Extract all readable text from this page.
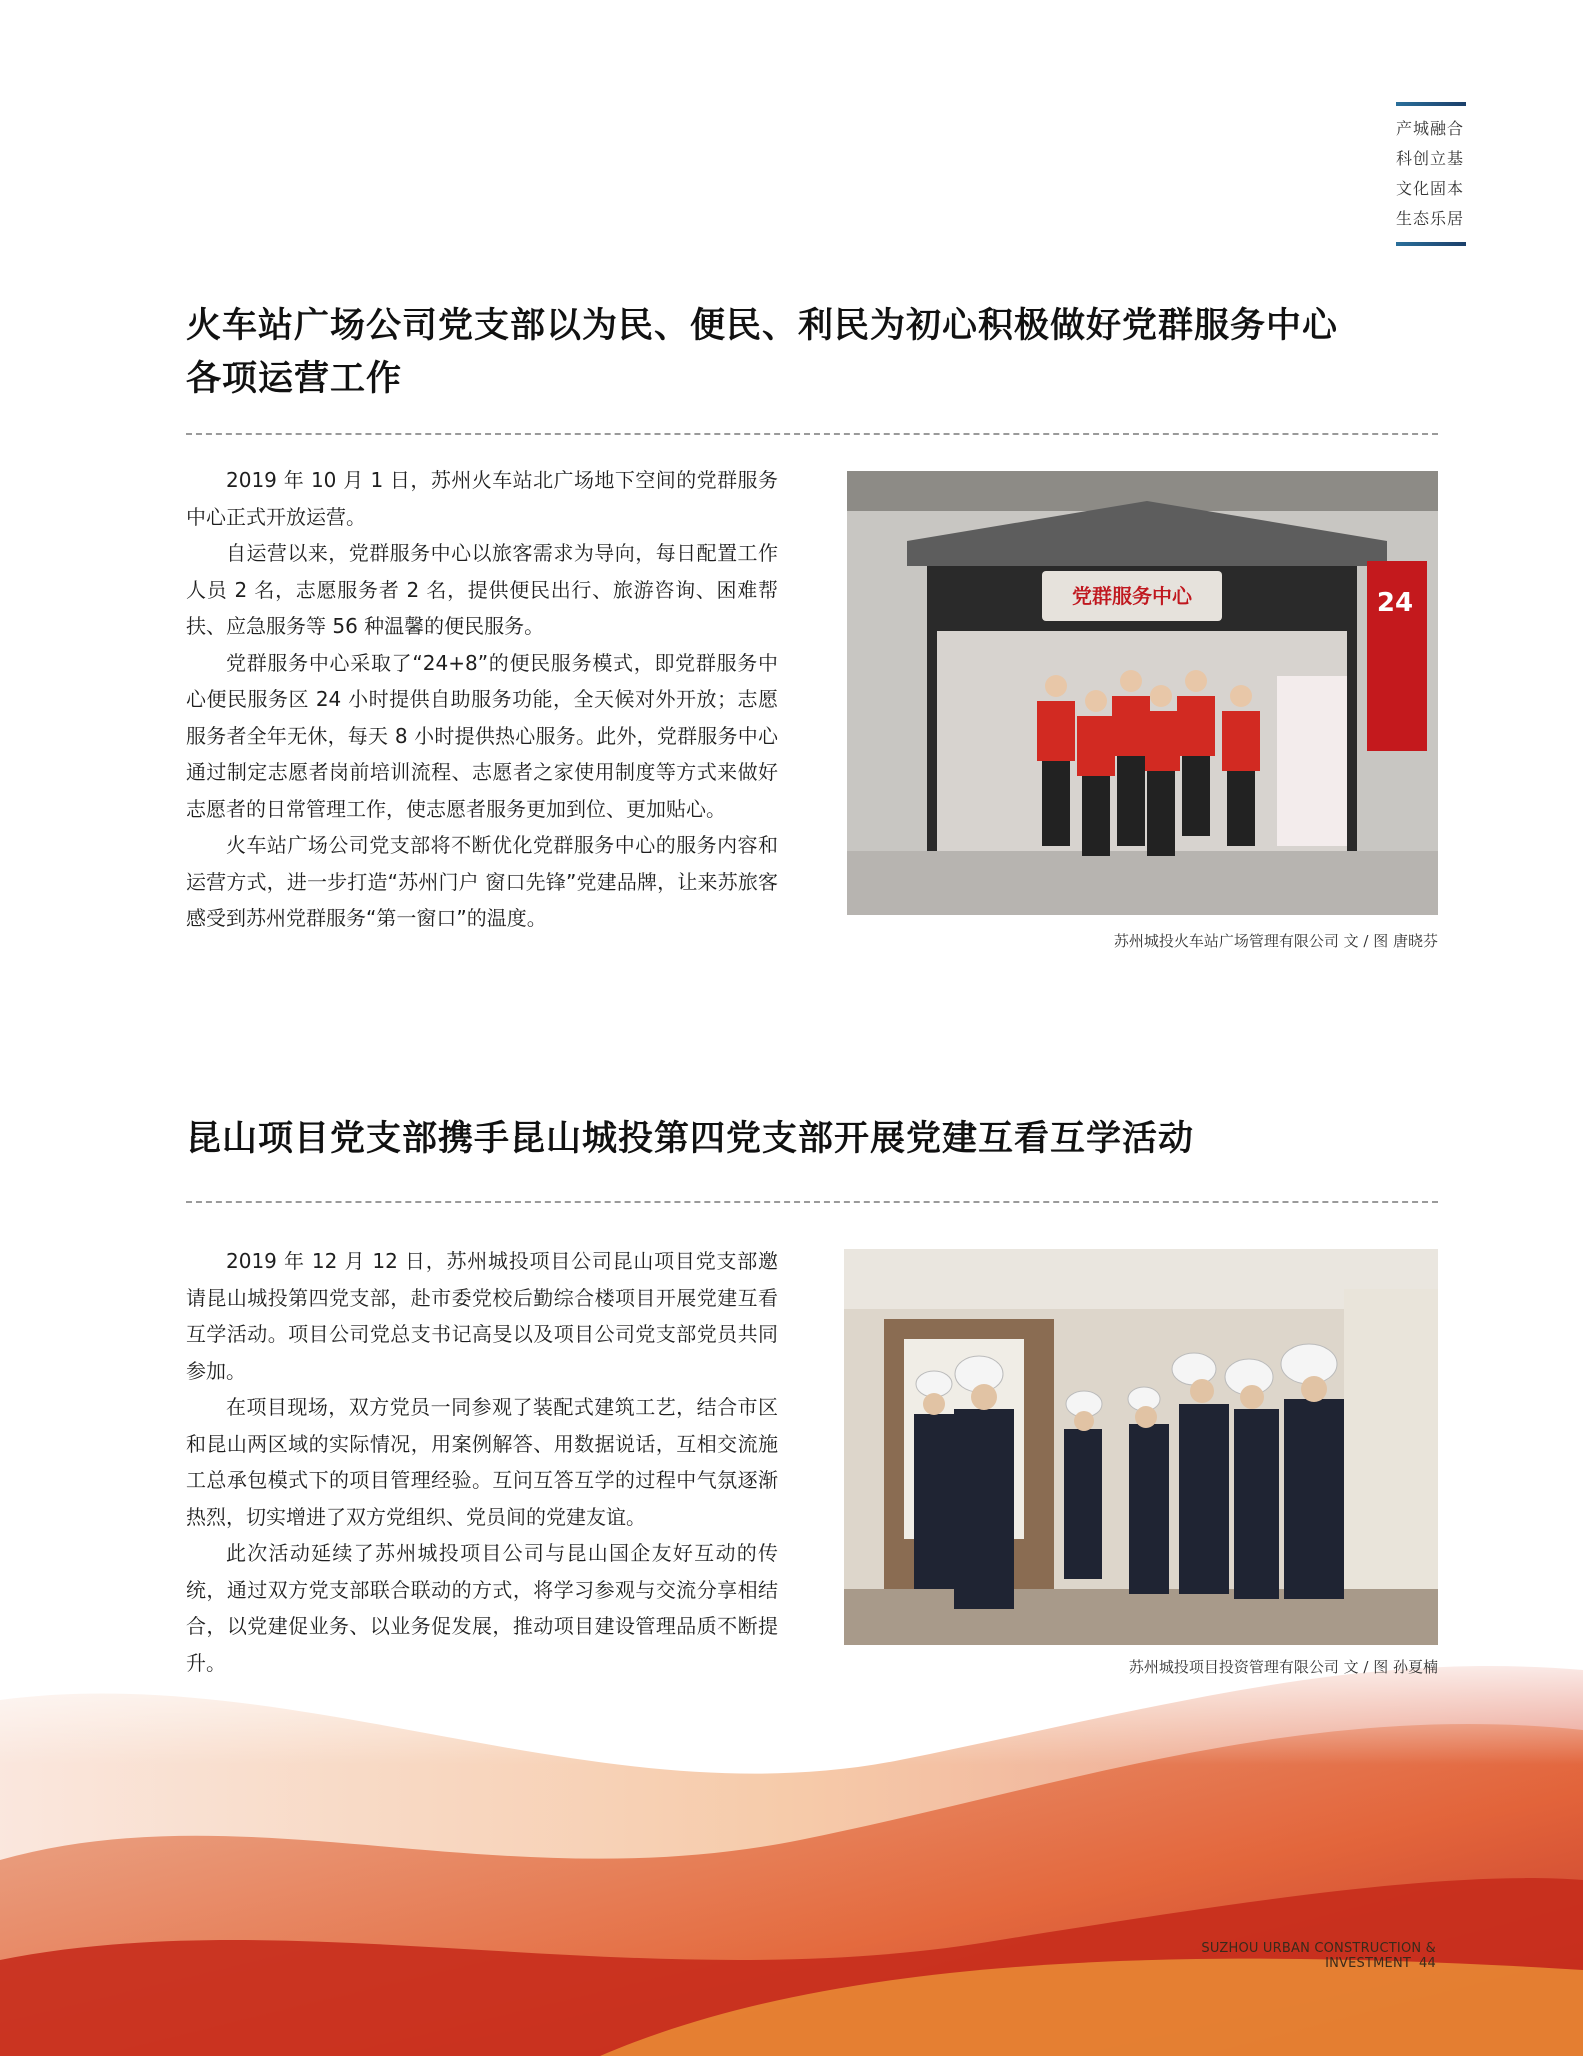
产城融合
科创立基
文化固本
生态乐居
火车站广场公司党支部以为民、便民、利民为初心积极做好党群服务中心
各项运营工作

2019 年 10 月 1 日，苏州火车站北广场地下空间的党群服务中心正式开放运营。

自运营以来，党群服务中心以旅客需求为导向，每日配置工作人员 2 名，志愿服务者 2 名，提供便民出行、旅游咨询、困难帮扶、应急服务等 56 种温馨的便民服务。

党群服务中心采取了“24+8”的便民服务模式，即党群服务中心便民服务区 24 小时提供自助服务功能，全天候对外开放；志愿服务者全年无休，每天 8 小时提供热心服务。此外，党群服务中心通过制定志愿者岗前培训流程、志愿者之家使用制度等方式来做好志愿者的日常管理工作，使志愿者服务更加到位、更加贴心。

火车站广场公司党支部将不断优化党群服务中心的服务内容和运营方式，进一步打造“苏州门户 窗口先锋”党建品牌，让来苏旅客感受到苏州党群服务“第一窗口”的温度。

党群服务中心	24
苏州城投火车站广场管理有限公司 文 / 图 唐晓芬
昆山项目党支部携手昆山城投第四党支部开展党建互看互学活动

2019 年 12 月 12 日，苏州城投项目公司昆山项目党支部邀请昆山城投第四党支部，赴市委党校后勤综合楼项目开展党建互看互学活动。项目公司党总支书记高旻以及项目公司党支部党员共同参加。

在项目现场，双方党员一同参观了装配式建筑工艺，结合市区和昆山两区域的实际情况，用案例解答、用数据说话，互相交流施工总承包模式下的项目管理经验。互问互答互学的过程中气氛逐渐热烈，切实增进了双方党组织、党员间的党建友谊。

此次活动延续了苏州城投项目公司与昆山国企友好互动的传统，通过双方党支部联合联动的方式，将学习参观与交流分享相结合，以党建促业务、以业务促发展，推动项目建设管理品质不断提升。	苏州城投项目投资管理有限公司 文 / 图 孙夏楠
SUZHOU URBAN CONSTRUCTION & INVESTMENT 44
